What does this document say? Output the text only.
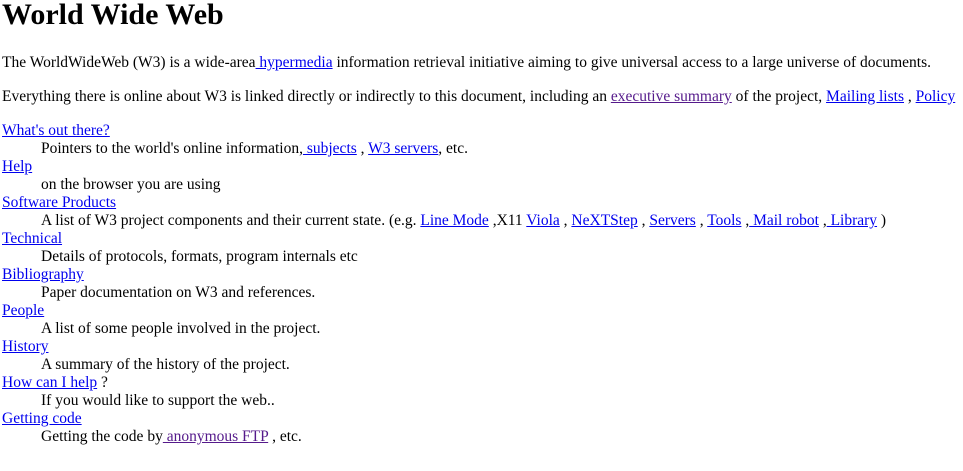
World Wide Web
The WorldWideWeb (W3) is a wide-area hypermedia information retrieval initiative aiming to give universal access to a large universe of documents.
Everything there is online about W3 is linked directly or indirectly to this document, including an executive summary of the project, Mailing lists , Policy
What's out there?
Pointers to the world's online information, subjects , W3 servers, etc.
Help
on the browser you are using
Software Products
A list of W3 project components and their current state. (e.g. Line Mode ,X11 Viola , NeXTStep , Servers , Tools , Mail robot , Library )
Technical
Details of protocols, formats, program internals etc
Bibliography
Paper documentation on W3 and references.
People
A list of some people involved in the project.
History
A summary of the history of the project.
How can I help ?
If you would like to support the web..
Getting code
Getting the code by anonymous FTP , etc.
